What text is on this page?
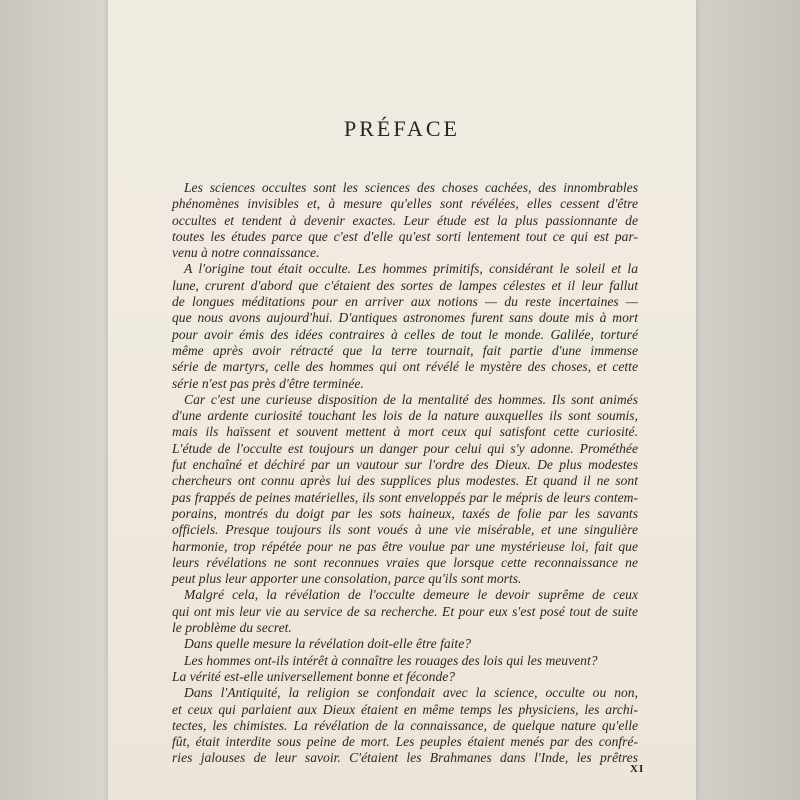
PRÉFACE
Les sciences occultes sont les sciences des choses cachées, des innombrables
phénomènes invisibles et, à mesure qu'elles sont révélées, elles cessent d'être
occultes et tendent à devenir exactes. Leur étude est la plus passionnante de
toutes les études parce que c'est d'elle qu'est sorti lentement tout ce qui est par-
venu à notre connaissance.
A l'origine tout était occulte. Les hommes primitifs, considérant le soleil et la
lune, crurent d'abord que c'étaient des sortes de lampes célestes et il leur fallut
de longues méditations pour en arriver aux notions — du reste incertaines —
que nous avons aujourd'hui. D'antiques astronomes furent sans doute mis à mort
pour avoir émis des idées contraires à celles de tout le monde. Galilée, torturé
même après avoir rétracté que la terre tournait, fait partie d'une immense
série de martyrs, celle des hommes qui ont révélé le mystère des choses, et cette
série n'est pas près d'être terminée.
Car c'est une curieuse disposition de la mentalité des hommes. Ils sont animés
d'une ardente curiosité touchant les lois de la nature auxquelles ils sont soumis,
mais ils haïssent et souvent mettent à mort ceux qui satisfont cette curiosité.
L'étude de l'occulte est toujours un danger pour celui qui s'y adonne. Prométhée
fut enchaîné et déchiré par un vautour sur l'ordre des Dieux. De plus modestes
chercheurs ont connu après lui des supplices plus modestes. Et quand il ne sont
pas frappés de peines matérielles, ils sont enveloppés par le mépris de leurs contem-
porains, montrés du doigt par les sots haineux, taxés de folie par les savants
officiels. Presque toujours ils sont voués à une vie misérable, et une singulière
harmonie, trop répétée pour ne pas être voulue par une mystérieuse loi, fait que
leurs révélations ne sont reconnues vraies que lorsque cette reconnaissance ne
peut plus leur apporter une consolation, parce qu'ils sont morts.
Malgré cela, la révélation de l'occulte demeure le devoir suprême de ceux
qui ont mis leur vie au service de sa recherche. Et pour eux s'est posé tout de suite
le problème du secret.
Dans quelle mesure la révélation doit-elle être faite?
Les hommes ont-ils intérêt à connaître les rouages des lois qui les meuvent?
La vérité est-elle universellement bonne et féconde?
Dans l'Antiquité, la religion se confondait avec la science, occulte ou non,
et ceux qui parlaient aux Dieux étaient en même temps les physiciens, les archi-
tectes, les chimistes. La révélation de la connaissance, de quelque nature qu'elle
fût, était interdite sous peine de mort. Les peuples étaient menés par des confré-
ries jalouses de leur savoir. C'étaient les Brahmanes dans l'Inde, les prêtres
XI
